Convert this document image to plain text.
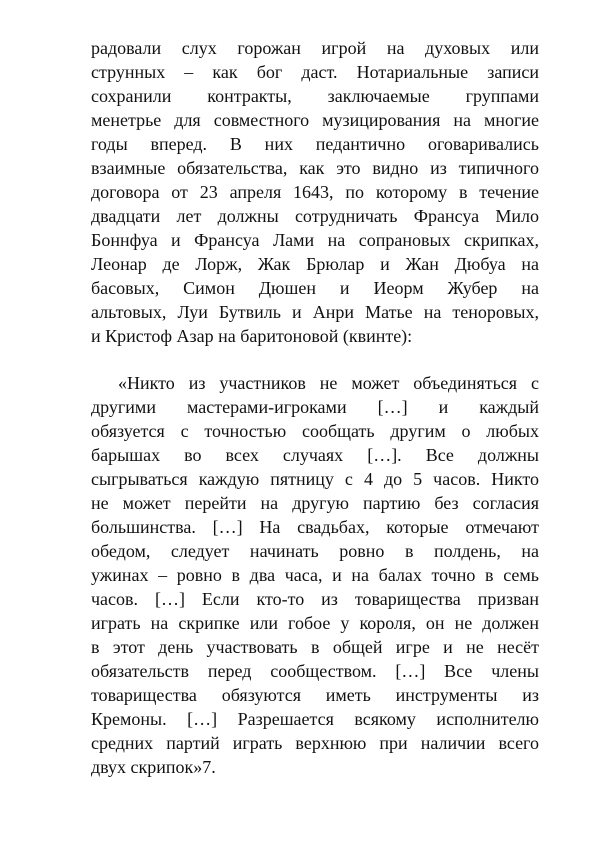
радовали слух горожан игрой на духовых или
струнных – как бог даст. Нотариальные записи
сохранили контракты, заключаемые группами
менетрье для совместного музицирования на многие
годы вперед. В них педантично оговаривались
взаимные обязательства, как это видно из типичного
договора от 23 апреля 1643, по которому в течение
двадцати лет должны сотрудничать Франсуа Мило
Боннфуа и Франсуа Лами на сопрановых скрипках,
Леонар де Лорж, Жак Брюлар и Жан Дюбуа на
басовых, Симон Дюшен и Иеорм Жубер на
альтовых, Луи Бутвиль и Анри Матье на теноровых,
и Кристоф Азар на баритоновой (квинте):

«Никто из участников не может объединяться с
другими мастерами-игроками […] и каждый
обязуется с точностью сообщать другим о любых
барышах во всех случаях […]. Все должны
сыгрываться каждую пятницу с 4 до 5 часов. Никто
не может перейти на другую партию без согласия
большинства. […] На свадьбах, которые отмечают
обедом, следует начинать ровно в полдень, на
ужинах – ровно в два часа, и на балах точно в семь
часов. […] Если кто-то из товарищества призван
играть на скрипке или гобое у короля, он не должен
в этот день участвовать в общей игре и не несёт
обязательств перед сообществом. […] Все члены
товарищества обязуются иметь инструменты из
Кремоны. […] Разрешается всякому исполнителю
средних партий играть верхнюю при наличии всего
двух скрипок»7.
